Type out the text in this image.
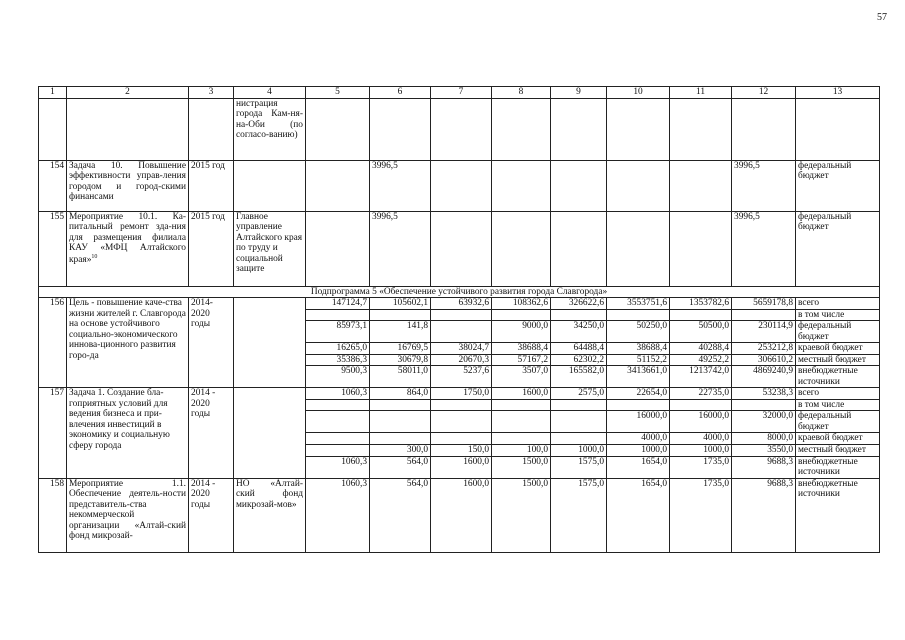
57
1	2	3	4	5	6	7	8	9	10	11	12	13
			нистрация города Кам-ня-на-Оби (по согласо-ванию)									
154	Задача 10. Повышение эффективности управ-ления городом и город-скими финансами	2015 год			3996,5						3996,5	федеральный бюджет
155	Мероприятие 10.1. Ка-питальный ремонт зда-ния для размещения филиала КАУ «МФЦ Алтайского края»$^{10}$	2015 год	Главное управление Алтайского края по труду и социальной защите		3996,5						3996,5	федеральный бюджет
Подпрограмма 5 «Обеспечение устойчивого развития города Славгорода»												
156	Цель - повышение каче-ства жизни жителей г. Славгорода на основе устойчивого социально-экономического иннова-ционного развития горо-да	2014-2020 годы		147124,7	105602,1	63932,6	108362,6	326622,6	3553751,6	1353782,6	5659178,8	всего
												в том числе
				85973,1	141,8		9000,0	34250,0	50250,0	50500,0	230114,9	федеральный бюджет
				16265,0	16769,5	38024,7	38688,4	64488,4	38688,4	40288,4	253212,8	краевой бюджет
				35386,3	30679,8	20670,3	57167,2	62302,2	51152,2	49252,2	306610,2	местный бюджет
				9500,3	58011,0	5237,6	3507,0	165582,0	3413661,0	1213742,0	4869240,9	внебюджетные источники
157	Задача 1. Создание бла-гоприятных условий для ведения бизнеса и при-влечения инвестиций в экономику и социальную сферу города	2014 - 2020 годы		1060,3	864,0	1750,0	1600,0	2575,0	22654,0	22735,0	53238,3	всего
												в том числе
									16000,0	16000,0	32000,0	федеральный бюджет
									4000,0	4000,0	8000,0	краевой бюджет
					300,0	150,0	100,0	1000,0	1000,0	1000,0	3550,0	местный бюджет
				1060,3	564,0	1600,0	1500,0	1575,0	1654,0	1735,0	9688,3	внебюджетные источники
158	Мероприятие 1.1. Обеспечение деятель-ности представитель-ства некоммерческой организации «Алтай-ский фонд микрозай-	2014 - 2020 годы	НО «Алтай-ский фонд микрозай-мов»	1060,3	564,0	1600,0	1500,0	1575,0	1654,0	1735,0	9688,3	внебюджетные источники
